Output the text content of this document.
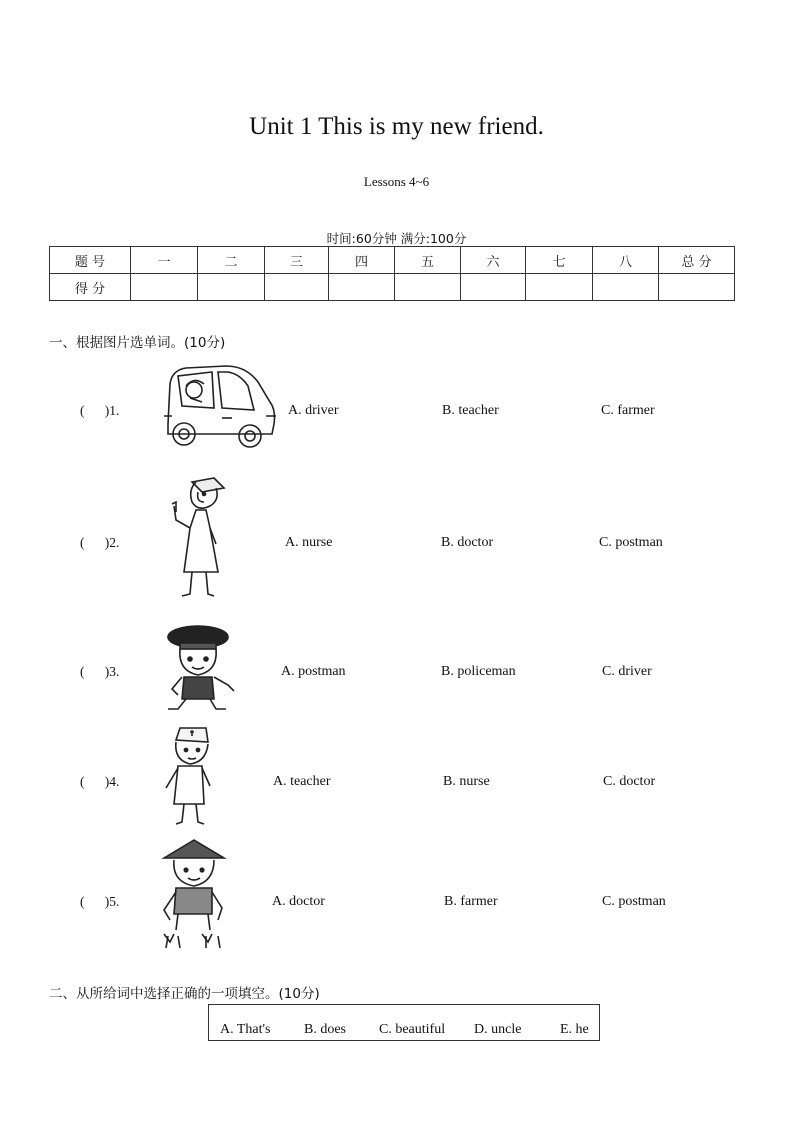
Unit 1 This is my new friend.
Lessons 4~6
时间:60分钟 满分:100分
题 号	一	二	三	四	五	六	七	八	总 分
得 分									
一、根据图片选单词。(10分)
(      )1.	A. driver	B. teacher	C. farmer
(      )2.	A. nurse	B. doctor	C. postman
(      )3.	A. postman	B. policeman	C. driver
(      )4.	A. teacher	B. nurse	C. doctor
(      )5.	A. doctor	B. farmer	C. postman
二、从所给词中选择正确的一项填空。(10分)
A. That's B. does C. beautiful D. uncle	E. he
